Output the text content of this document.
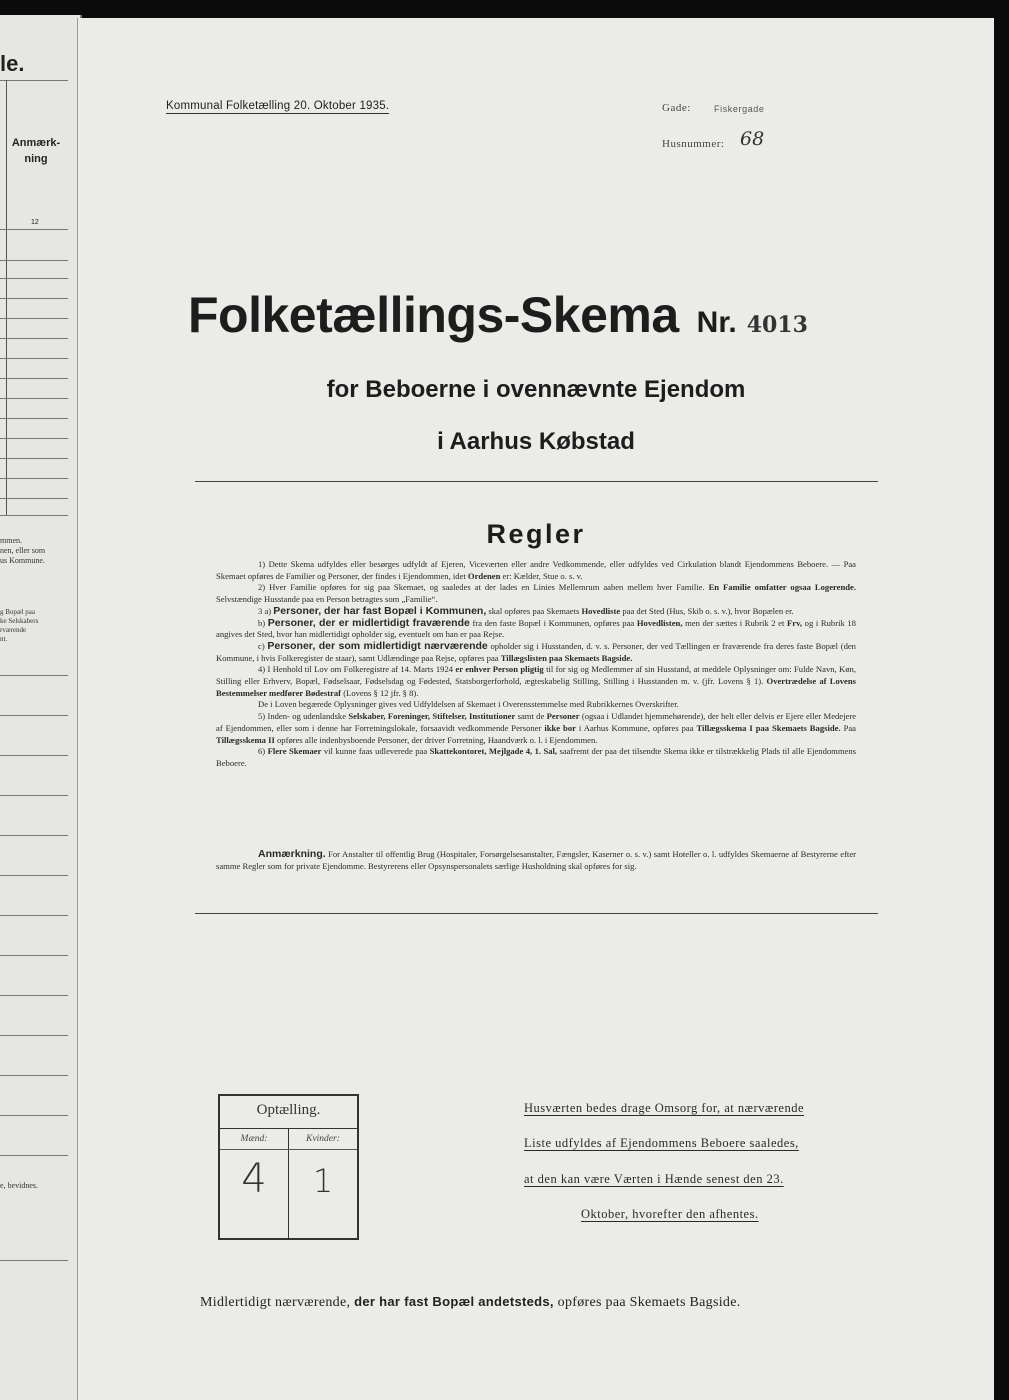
le.
Anmærk-
ning
12
mmen.
nen, eller som
us Kommune.
g Bopæl paa
ke Selskabers
rværende
nt.
e, bevidnes.
Kommunal Folketælling 20. Oktober 1935.	Gade:	Fiskergade
Husnummer: 68
Folketællings-Skema Nr. 4013
for Beboerne i ovennævnte Ejendom
i Aarhus Købstad
Regler

1) Dette Skema udfyldes eller besørges udfyldt af Ejeren, Viceværten eller andre Vedkommende, eller udfyldes ved Cirkulation blandt Ejendommens Beboere. — Paa Skemaet opføres de Familier og Personer, der findes i Ejendommen, idet Ordenen er: Kælder, Stue o. s. v.

2) Hver Familie opføres for sig paa Skemaet, og saaledes at der lades en Linies Mellemrum aaben mellem hver Familie. En Familie omfatter ogsaa Logerende. Selvstændige Husstande paa en Person betragtes som „Familie“.

3 a) Personer, der har fast Bopæl i Kommunen, skal opføres paa Skemaets Hovedliste paa det Sted (Hus, Skib o. s. v.), hvor Bopælen er.

b) Personer, der er midlertidigt fraværende fra den faste Bopæl i Kommunen, opføres paa Hovedlisten, men der sættes i Rubrik 2 et Frv, og i Rubrik 18 angives det Sted, hvor han midlertidigt opholder sig, eventuelt om han er paa Rejse.

c) Personer, der som midlertidigt nærværende opholder sig i Husstanden, d. v. s. Personer, der ved Tællingen er fraværende fra deres faste Bopæl (den Kommune, i hvis Folkeregister de staar), samt Udlændinge paa Rejse, opføres paa Tillægslisten paa Skemaets Bagside.

4) I Henhold til Lov om Folkeregistre af 14. Marts 1924 er enhver Person pligtig til for sig og Medlemmer af sin Husstand, at meddele Oplysninger om: Fulde Navn, Køn, Stilling eller Erhverv, Bopæl, Fødselsaar, Fødselsdag og Fødested, Statsborgerforhold, ægteskabelig Stilling, Stilling i Husstanden m. v. (jfr. Lovens § 1). Overtrædelse af Lovens Bestemmelser medfører Bødestraf (Lovens § 12 jfr. § 8).

De i Loven begærede Oplysninger gives ved Udfyldelsen af Skemaet i Overensstemmelse med Rubrikkernes Overskrifter.

5) Inden- og udenlandske Selskaber, Foreninger, Stiftelser, Institutioner samt de Personer (ogsaa i Udlandet hjemmehørende), der helt eller delvis er Ejere eller Medejere af Ejendommen, eller som i denne har Forretningslokale, forsaavidt vedkommende Personer ikke bor i Aarhus Kommune, opføres paa Tillægsskema I paa Skemaets Bagside. Paa Tillægsskema II opføres alle indenbysboende Personer, der driver Forretning, Haandværk o. l. i Ejendommen.

6) Flere Skemaer vil kunne faas udleverede paa Skattekontoret, Mejlgade 4, 1. Sal, saafremt der paa det tilsendte Skema ikke er tilstrækkelig Plads til alle Ejendommens Beboere.

Anmærkning. For Anstalter til offentlig Brug (Hospitaler, Forsørgelsesanstalter, Fængsler, Kaserner o. s. v.) samt Hoteller o. l. udfyldes Skemaerne af Bestyrerne efter samme Regler som for private Ejendomme. Bestyrerens eller Opsynspersonalets særlige Husholdning skal opføres for sig.

Optælling.
Mænd:	Kvinder:
4	1
Husværten bedes drage Omsorg for, at nærværende
Liste udfyldes af Ejendommens Beboere saaledes,
at den kan være Værten i Hænde senest den 23.
Oktober, hvorefter den afhentes.
Midlertidigt nærværende, der har fast Bopæl andetsteds, opføres paa Skemaets Bagside.
